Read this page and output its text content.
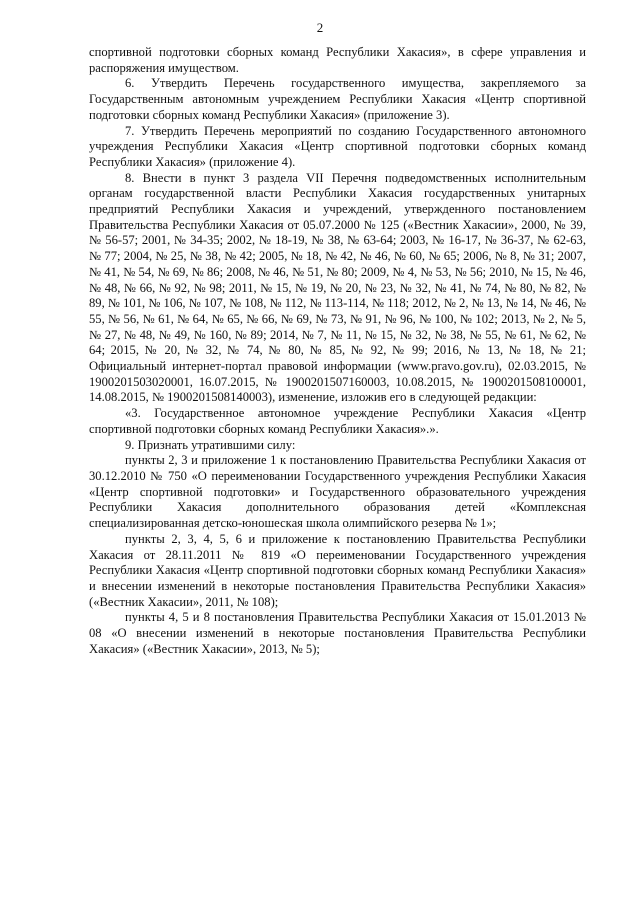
2

спортивной подготовки сборных команд Республики Хакасия», в сфере управления и распоряжения имуществом.

6. Утвердить Перечень государственного имущества, закрепляемого за Государственным автономным учреждением Республики Хакасия «Центр спортивной подготовки сборных команд Республики Хакасия» (приложение 3).

7. Утвердить Перечень мероприятий по созданию Государственного автономного учреждения Республики Хакасия «Центр спортивной подготовки сборных команд Республики Хакасия» (приложение 4).

8. Внести в пункт 3 раздела VII Перечня подведомственных исполнительным органам государственной власти Республики Хакасия государственных унитарных предприятий Республики Хакасия и учреждений, утвержденного постановлением Правительства Республики Хакасия от 05.07.2000 № 125 («Вестник Хакасии», 2000, № 39, № 56-57; 2001, № 34-35; 2002, № 18-19, № 38, № 63-64; 2003, № 16-17, № 36-37, № 62-63, № 77; 2004, № 25, № 38, № 42; 2005, № 18, № 42, № 46, № 60, № 65; 2006, № 8, № 31; 2007, № 41, № 54, № 69, № 86; 2008, № 46, № 51, № 80; 2009, № 4, № 53, № 56; 2010, № 15, № 46, № 48, № 66, № 92, № 98; 2011, № 15, № 19, № 20, № 23, № 32, № 41, № 74, № 80, № 82, № 89, № 101, № 106, № 107, № 108, № 112, № 113-114, № 118; 2012, № 2, № 13, № 14, № 46, № 55, № 56, № 61, № 64, № 65, № 66, № 69, № 73, № 91, № 96, № 100, № 102; 2013, № 2, № 5, № 27, № 48, № 49, № 160, № 89; 2014, № 7, № 11, № 15, № 32, № 38, № 55, № 61, № 62, № 64; 2015, № 20, № 32, № 74, № 80, № 85, № 92, № 99; 2016, № 13, № 18, № 21; Официальный интернет-портал правовой информации (www.pravo.gov.ru), 02.03.2015, № 1900201503020001, 16.07.2015, № 1900201507160003, 10.08.2015, № 1900201508100001, 14.08.2015, № 1900201508140003), изменение, изложив его в следующей редакции:

«3. Государственное автономное учреждение Республики Хакасия «Центр спортивной подготовки сборных команд Республики Хакасия».».

9. Признать утратившими силу:

пункты 2, 3 и приложение 1 к постановлению Правительства Республики Хакасия от 30.12.2010 № 750 «О переименовании Государственного учреждения Республики Хакасия «Центр спортивной подготовки» и Государственного образовательного учреждения Республики Хакасия дополнительного образования детей «Комплексная специализированная детско-юношеская школа олимпийского резерва № 1»;

пункты 2, 3, 4, 5, 6 и приложение к постановлению Правительства Республики Хакасия от 28.11.2011 № 819 «О переименовании Государственного учреждения Республики Хакасия «Центр спортивной подготовки сборных команд Республики Хакасия» и внесении изменений в некоторые постановления Правительства Республики Хакасия» («Вестник Хакасии», 2011, № 108);

пункты 4, 5 и 8 постановления Правительства Республики Хакасия от 15.01.2013 № 08 «О внесении изменений в некоторые постановления Правительства Республики Хакасия» («Вестник Хакасии», 2013, № 5);
